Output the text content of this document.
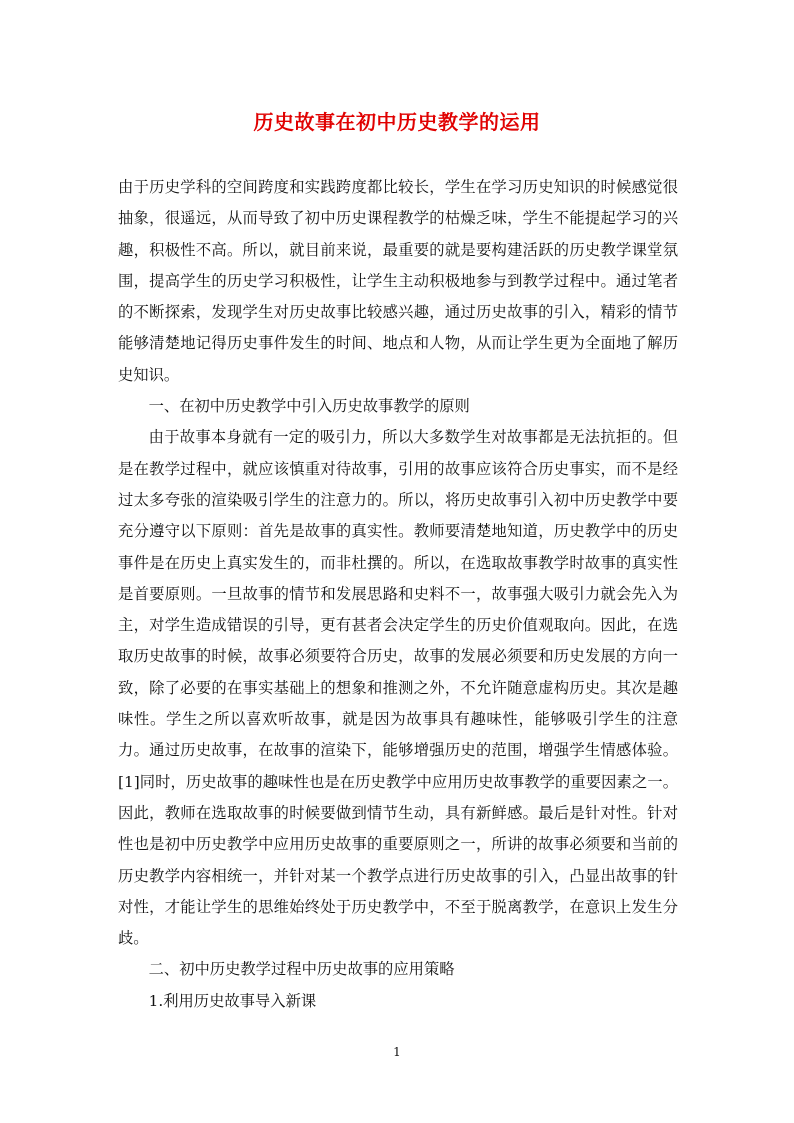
历史故事在初中历史教学的运用

由于历史学科的空间跨度和实践跨度都比较长，学生在学习历史知识的时候感觉很抽象，很遥远，从而导致了初中历史课程教学的枯燥乏味，学生不能提起学习的兴趣，积极性不高。所以，就目前来说，最重要的就是要构建活跃的历史教学课堂氛围，提高学生的历史学习积极性，让学生主动积极地参与到教学过程中。通过笔者的不断探索，发现学生对历史故事比较感兴趣，通过历史故事的引入，精彩的情节能够清楚地记得历史事件发生的时间、地点和人物，从而让学生更为全面地了解历史知识。

一、在初中历史教学中引入历史故事教学的原则

由于故事本身就有一定的吸引力，所以大多数学生对故事都是无法抗拒的。但是在教学过程中，就应该慎重对待故事，引用的故事应该符合历史事实，而不是经过太多夸张的渲染吸引学生的注意力的。所以，将历史故事引入初中历史教学中要充分遵守以下原则：首先是故事的真实性。教师要清楚地知道，历史教学中的历史事件是在历史上真实发生的，而非杜撰的。所以，在选取故事教学时故事的真实性是首要原则。一旦故事的情节和发展思路和史料不一，故事强大吸引力就会先入为主，对学生造成错误的引导，更有甚者会决定学生的历史价值观取向。因此，在选取历史故事的时候，故事必须要符合历史，故事的发展必须要和历史发展的方向一致，除了必要的在事实基础上的想象和推测之外，不允许随意虚构历史。其次是趣味性。学生之所以喜欢听故事，就是因为故事具有趣味性，能够吸引学生的注意力。通过历史故事，在故事的渲染下，能够增强历史的范围，增强学生情感体验。[1]同时，历史故事的趣味性也是在历史教学中应用历史故事教学的重要因素之一。因此，教师在选取故事的时候要做到情节生动，具有新鲜感。最后是针对性。针对性也是初中历史教学中应用历史故事的重要原则之一，所讲的故事必须要和当前的历史教学内容相统一，并针对某一个教学点进行历史故事的引入，凸显出故事的针对性，才能让学生的思维始终处于历史教学中，不至于脱离教学，在意识上发生分歧。

二、初中历史教学过程中历史故事的应用策略

1.利用历史故事导入新课

1
